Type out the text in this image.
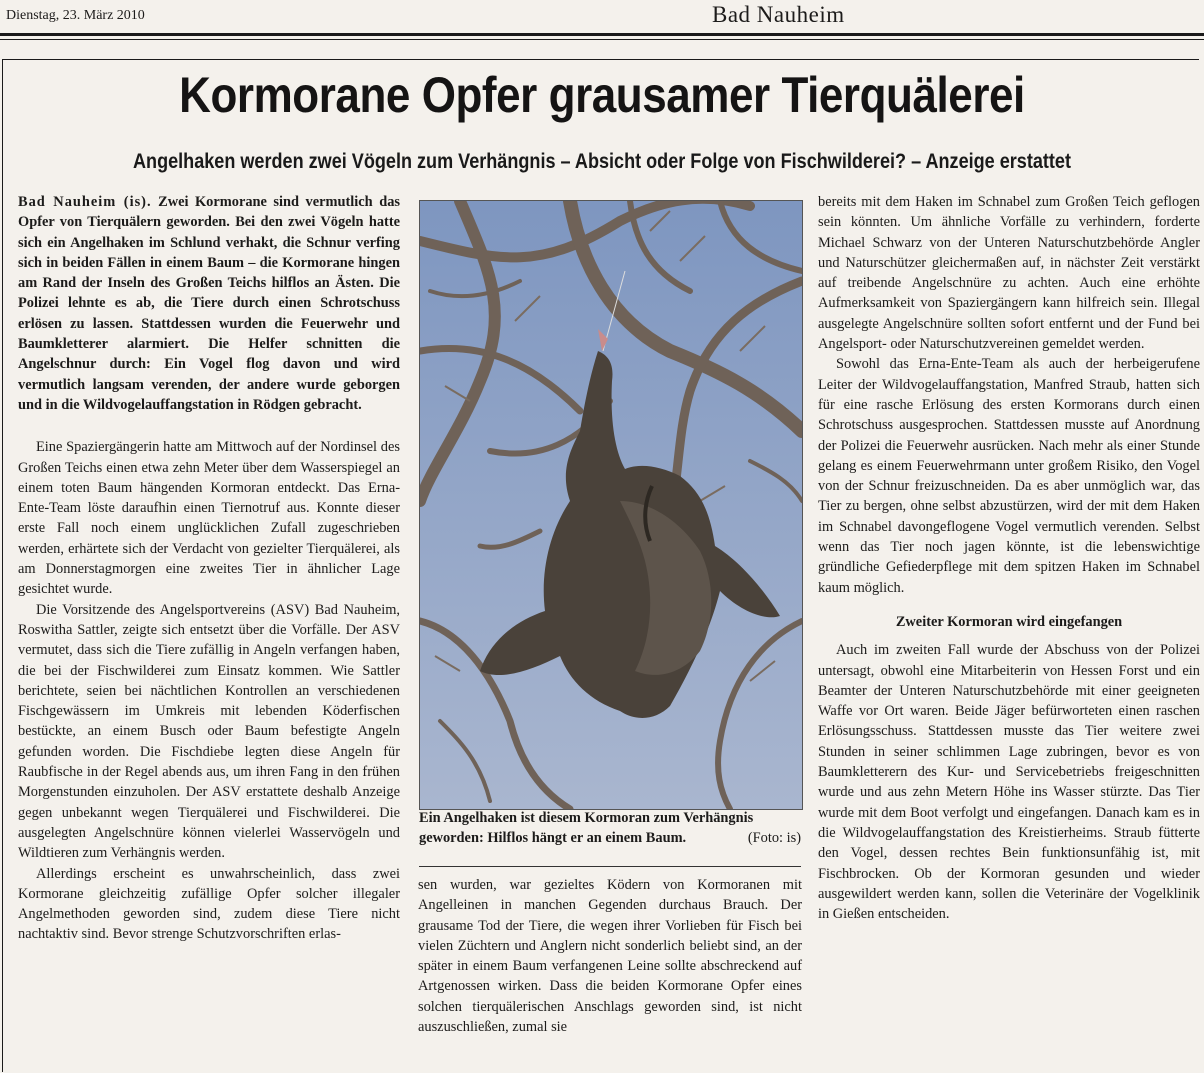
Dienstag, 23. März 2010	Bad Nauheim
Kormorane Opfer grausamer Tierquälerei
Angelhaken werden zwei Vögeln zum Verhängnis – Absicht oder Folge von Fischwilderei? – Anzeige erstattet

Bad Nauheim (is). Zwei Kormorane sind vermutlich das Opfer von Tierquälern geworden. Bei den zwei Vögeln hatte sich ein Angelhaken im Schlund verhakt, die Schnur verfing sich in beiden Fällen in einem Baum – die Kormorane hingen am Rand der Inseln des Großen Teichs hilflos an Ästen. Die Polizei lehnte es ab, die Tiere durch einen Schrotschuss erlösen zu lassen. Stattdessen wurden die Feuerwehr und Baumkletterer alarmiert. Die Helfer schnitten die Angelschnur durch: Ein Vogel flog davon und wird vermutlich langsam verenden, der andere wurde geborgen und in die Wildvogelauffangstation in Rödgen gebracht.

Eine Spaziergängerin hatte am Mittwoch auf der Nordinsel des Großen Teichs einen etwa zehn Meter über dem Wasserspiegel an einem toten Baum hängenden Kormoran entdeckt. Das Erna-Ente-Team löste daraufhin einen Tiernotruf aus. Konnte dieser erste Fall noch einem unglücklichen Zufall zugeschrieben werden, erhärtete sich der Verdacht von gezielter Tierquälerei, als am Donnerstagmorgen eine zweites Tier in ähnlicher Lage gesichtet wurde.

Die Vorsitzende des Angelsportvereins (ASV) Bad Nauheim, Roswitha Sattler, zeigte sich entsetzt über die Vorfälle. Der ASV vermutet, dass sich die Tiere zufällig in Angeln verfangen haben, die bei der Fischwilderei zum Einsatz kommen. Wie Sattler berichtete, seien bei nächtlichen Kontrollen an verschiedenen Fischgewässern im Umkreis mit lebenden Köderfischen bestückte, an einem Busch oder Baum befestigte Angeln gefunden worden. Die Fischdiebe legten diese Angeln für Raubfische in der Regel abends aus, um ihren Fang in den frühen Morgenstunden einzuholen. Der ASV erstattete deshalb Anzeige gegen unbekannt wegen Tierquälerei und Fischwilderei. Die ausgelegten Angelschnüre können vielerlei Wasservögeln und Wildtieren zum Verhängnis werden.

Allerdings erscheint es unwahrscheinlich, dass zwei Kormorane gleichzeitig zufällige Opfer solcher illegaler Angelmethoden geworden sind, zudem diese Tiere nicht nachtaktiv sind. Bevor strenge Schutzvorschriften erlas-

Ein Angelhaken ist diesem Kormoran zum Verhängnis geworden: Hilflos hängt er an einem Baum.	(Foto: is)

sen wurden, war gezieltes Ködern von Kormoranen mit Angelleinen in manchen Gegenden durchaus Brauch. Der grausame Tod der Tiere, die wegen ihrer Vorlieben für Fisch bei vielen Züchtern und Anglern nicht sonderlich beliebt sind, an der später in einem Baum verfangenen Leine sollte abschreckend auf Artgenossen wirken. Dass die beiden Kormorane Opfer eines solchen tierquälerischen Anschlags geworden sind, ist nicht auszuschließen, zumal sie

bereits mit dem Haken im Schnabel zum Großen Teich geflogen sein könnten. Um ähnliche Vorfälle zu verhindern, forderte Michael Schwarz von der Unteren Naturschutzbehörde Angler und Naturschützer gleichermaßen auf, in nächster Zeit verstärkt auf treibende Angelschnüre zu achten. Auch eine erhöhte Aufmerksamkeit von Spaziergängern kann hilfreich sein. Illegal ausgelegte Angelschnüre sollten sofort entfernt und der Fund bei Angelsport- oder Naturschutzvereinen gemeldet werden.

Sowohl das Erna-Ente-Team als auch der herbeigerufene Leiter der Wildvogelauffangstation, Manfred Straub, hatten sich für eine rasche Erlösung des ersten Kormorans durch einen Schrotschuss ausgesprochen. Stattdessen musste auf Anordnung der Polizei die Feuerwehr ausrücken. Nach mehr als einer Stunde gelang es einem Feuerwehrmann unter großem Risiko, den Vogel von der Schnur freizuschneiden. Da es aber unmöglich war, das Tier zu bergen, ohne selbst abzustürzen, wird der mit dem Haken im Schnabel davongeflogene Vogel vermutlich verenden. Selbst wenn das Tier noch jagen könnte, ist die lebenswichtige gründliche Gefiederpflege mit dem spitzen Haken im Schnabel kaum möglich.

Zweiter Kormoran wird eingefangen

Auch im zweiten Fall wurde der Abschuss von der Polizei untersagt, obwohl eine Mitarbeiterin von Hessen Forst und ein Beamter der Unteren Naturschutzbehörde mit einer geeigneten Waffe vor Ort waren. Beide Jäger befürworteten einen raschen Erlösungsschuss. Stattdessen musste das Tier weitere zwei Stunden in seiner schlimmen Lage zubringen, bevor es von Baumkletterern des Kur- und Servicebetriebs freigeschnitten wurde und aus zehn Metern Höhe ins Wasser stürzte. Das Tier wurde mit dem Boot verfolgt und eingefangen. Danach kam es in die Wildvogelauffangstation des Kreistierheims. Straub fütterte den Vogel, dessen rechtes Bein funktionsunfähig ist, mit Fischbrocken. Ob der Kormoran gesunden und wieder ausgewildert werden kann, sollen die Veterinäre der Vogelklinik in Gießen entscheiden.
